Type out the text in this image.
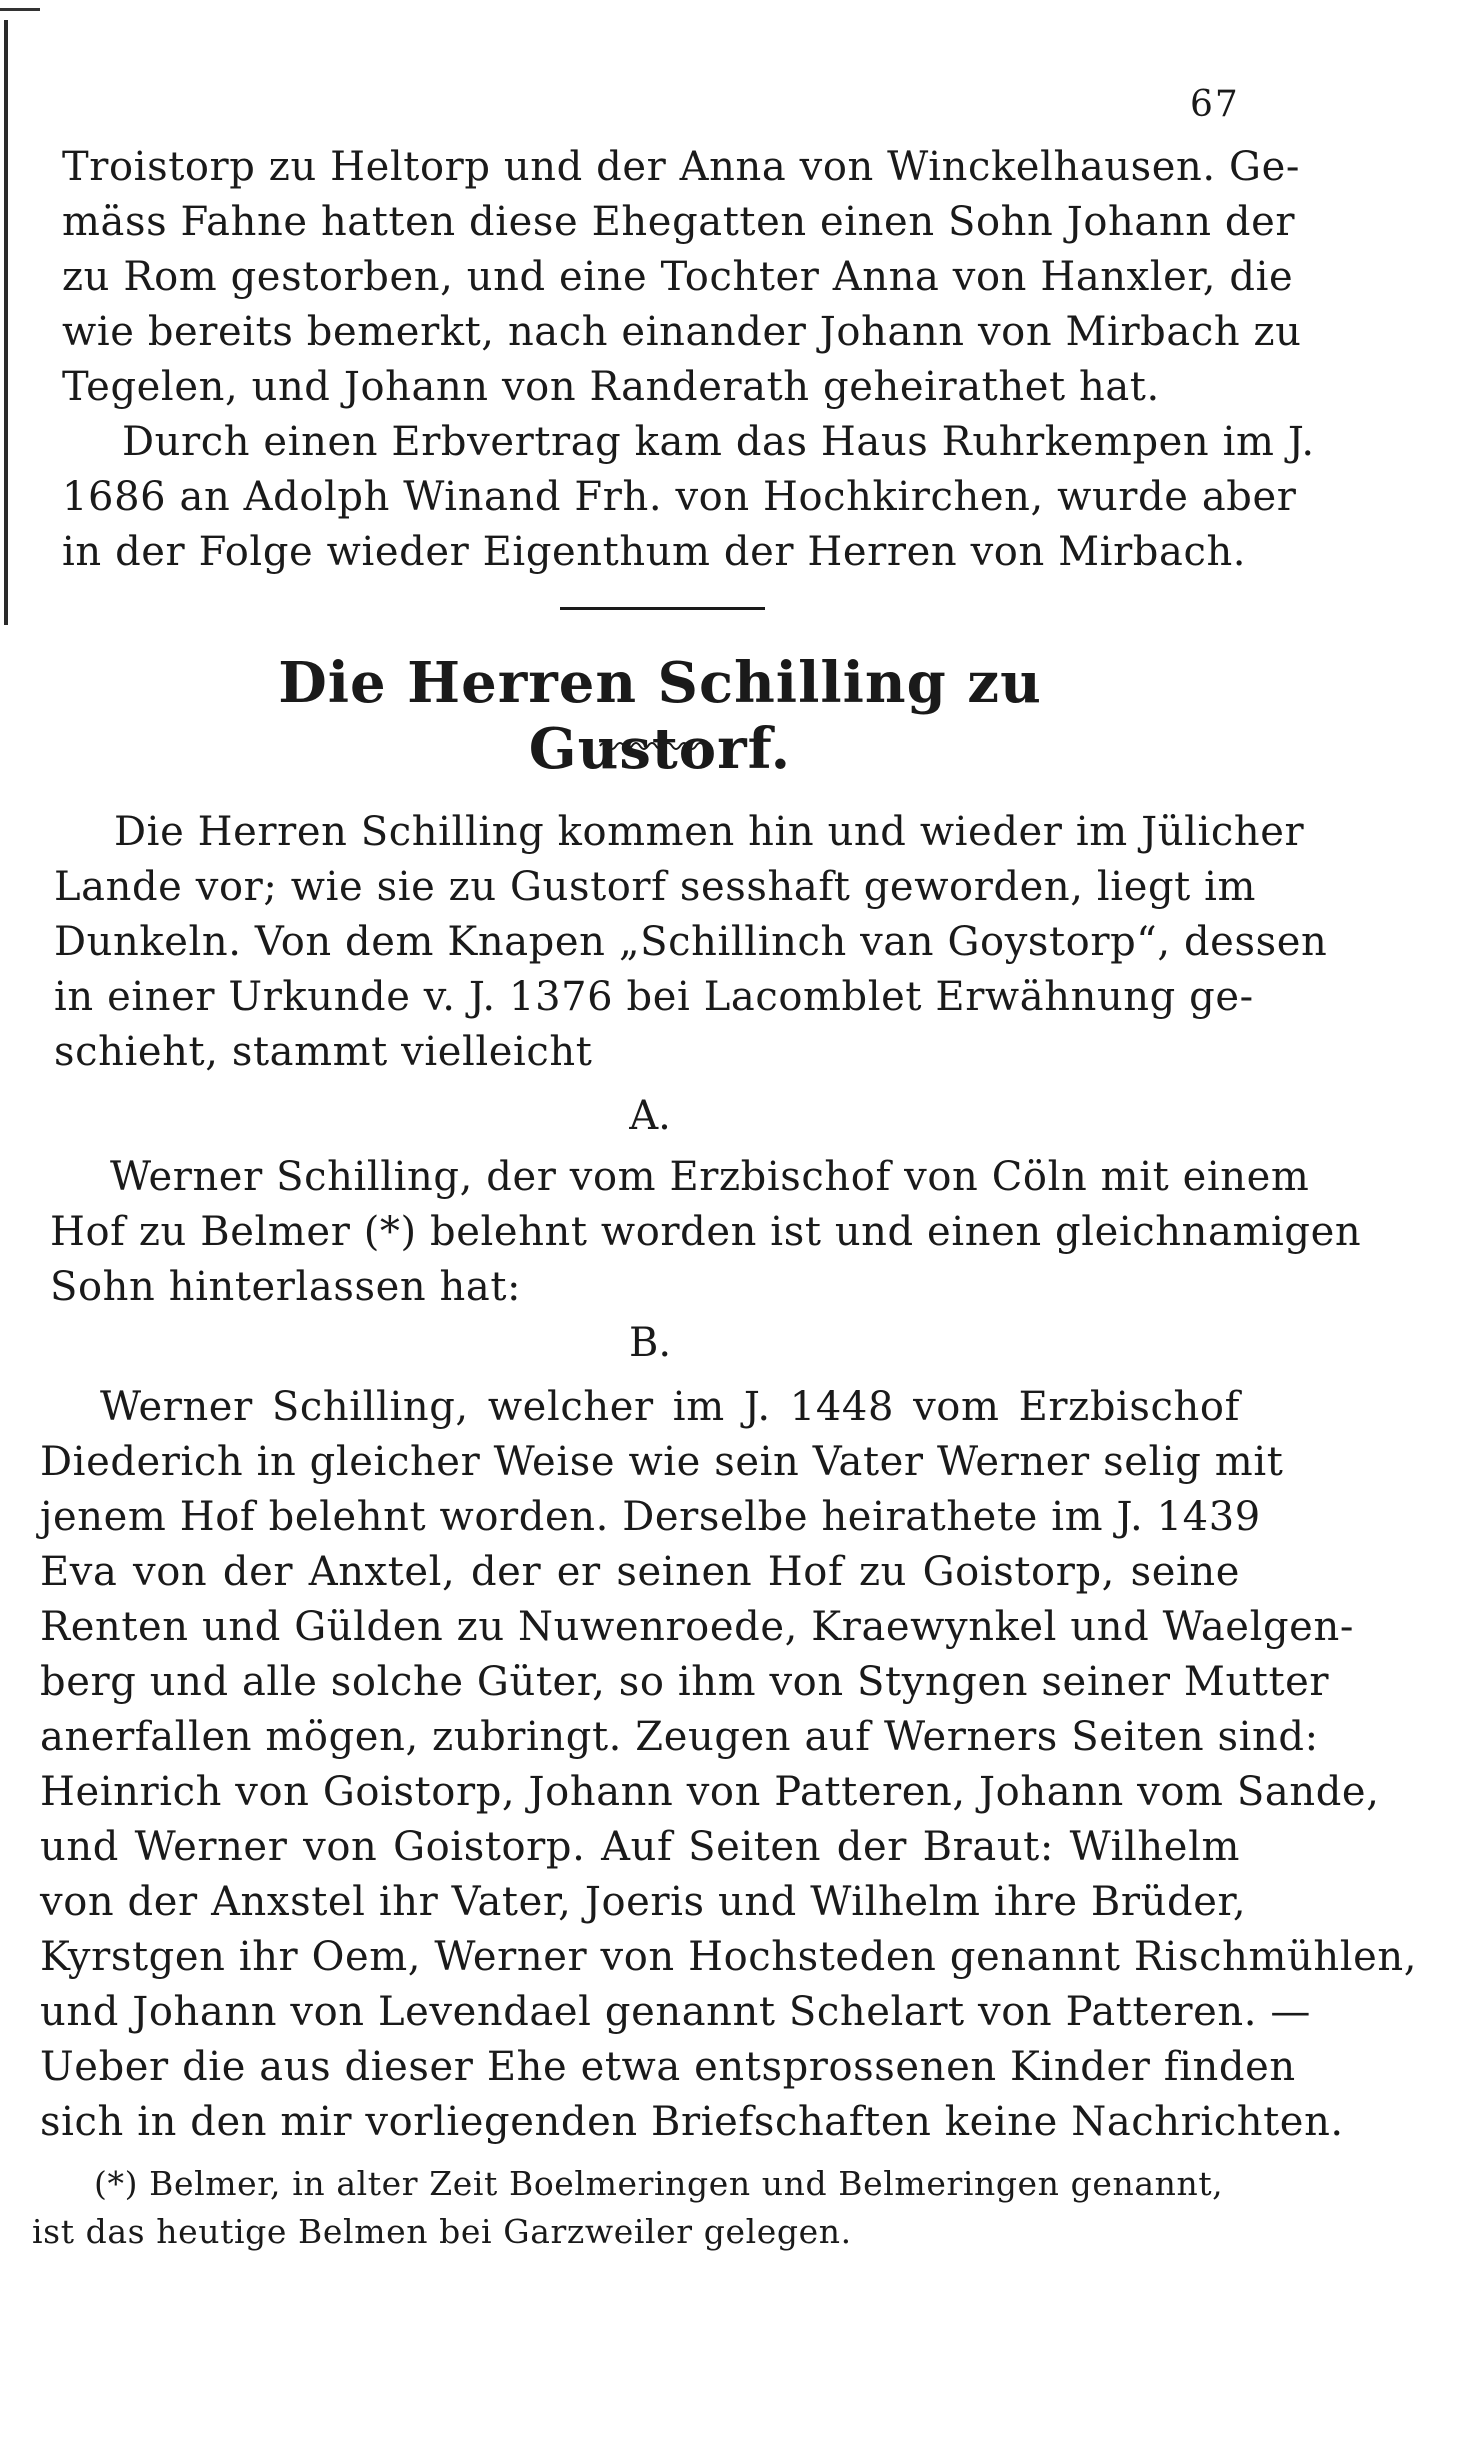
67
Troistorp zu Heltorp und der Anna von Winckelhausen. Ge-
mäss Fahne hatten diese Ehegatten einen Sohn Johann der
zu Rom gestorben, und eine Tochter Anna von Hanxler, die
wie bereits bemerkt, nach einander Johann von Mirbach zu
Tegelen, und Johann von Randerath geheirathet hat.
Durch einen Erbvertrag kam das Haus Ruhrkempen im J.
1686 an Adolph Winand Frh. von Hochkirchen, wurde aber
in der Folge wieder Eigenthum der Herren von Mirbach.
Die Herren Schilling zu Gustorf.
Die Herren Schilling kommen hin und wieder im Jülicher
Lande vor; wie sie zu Gustorf sesshaft geworden, liegt im
Dunkeln. Von dem Knapen „Schillinch van Goystorp“, dessen
in einer Urkunde v. J. 1376 bei Lacomblet Erwähnung ge-
schieht, stammt vielleicht
A.
Werner Schilling, der vom Erzbischof von Cöln mit einem
Hof zu Belmer (*) belehnt worden ist und einen gleichnamigen
Sohn hinterlassen hat:
B.
Werner Schilling, welcher im J. 1448 vom Erzbischof
Diederich in gleicher Weise wie sein Vater Werner selig mit
jenem Hof belehnt worden. Derselbe heirathete im J. 1439
Eva von der Anxtel, der er seinen Hof zu Goistorp, seine
Renten und Gülden zu Nuwenroede, Kraewynkel und Waelgen-
berg und alle solche Güter, so ihm von Styngen seiner Mutter
anerfallen mögen, zubringt. Zeugen auf Werners Seiten sind:
Heinrich von Goistorp, Johann von Patteren, Johann vom Sande,
und Werner von Goistorp. Auf Seiten der Braut: Wilhelm
von der Anxstel ihr Vater, Joeris und Wilhelm ihre Brüder,
Kyrstgen ihr Oem, Werner von Hochsteden genannt Rischmühlen,
und Johann von Levendael genannt Schelart von Patteren. —
Ueber die aus dieser Ehe etwa entsprossenen Kinder finden
sich in den mir vorliegenden Briefschaften keine Nachrichten.
(*) Belmer, in alter Zeit Boelmeringen und Belmeringen genannt,
ist das heutige Belmen bei Garzweiler gelegen.
